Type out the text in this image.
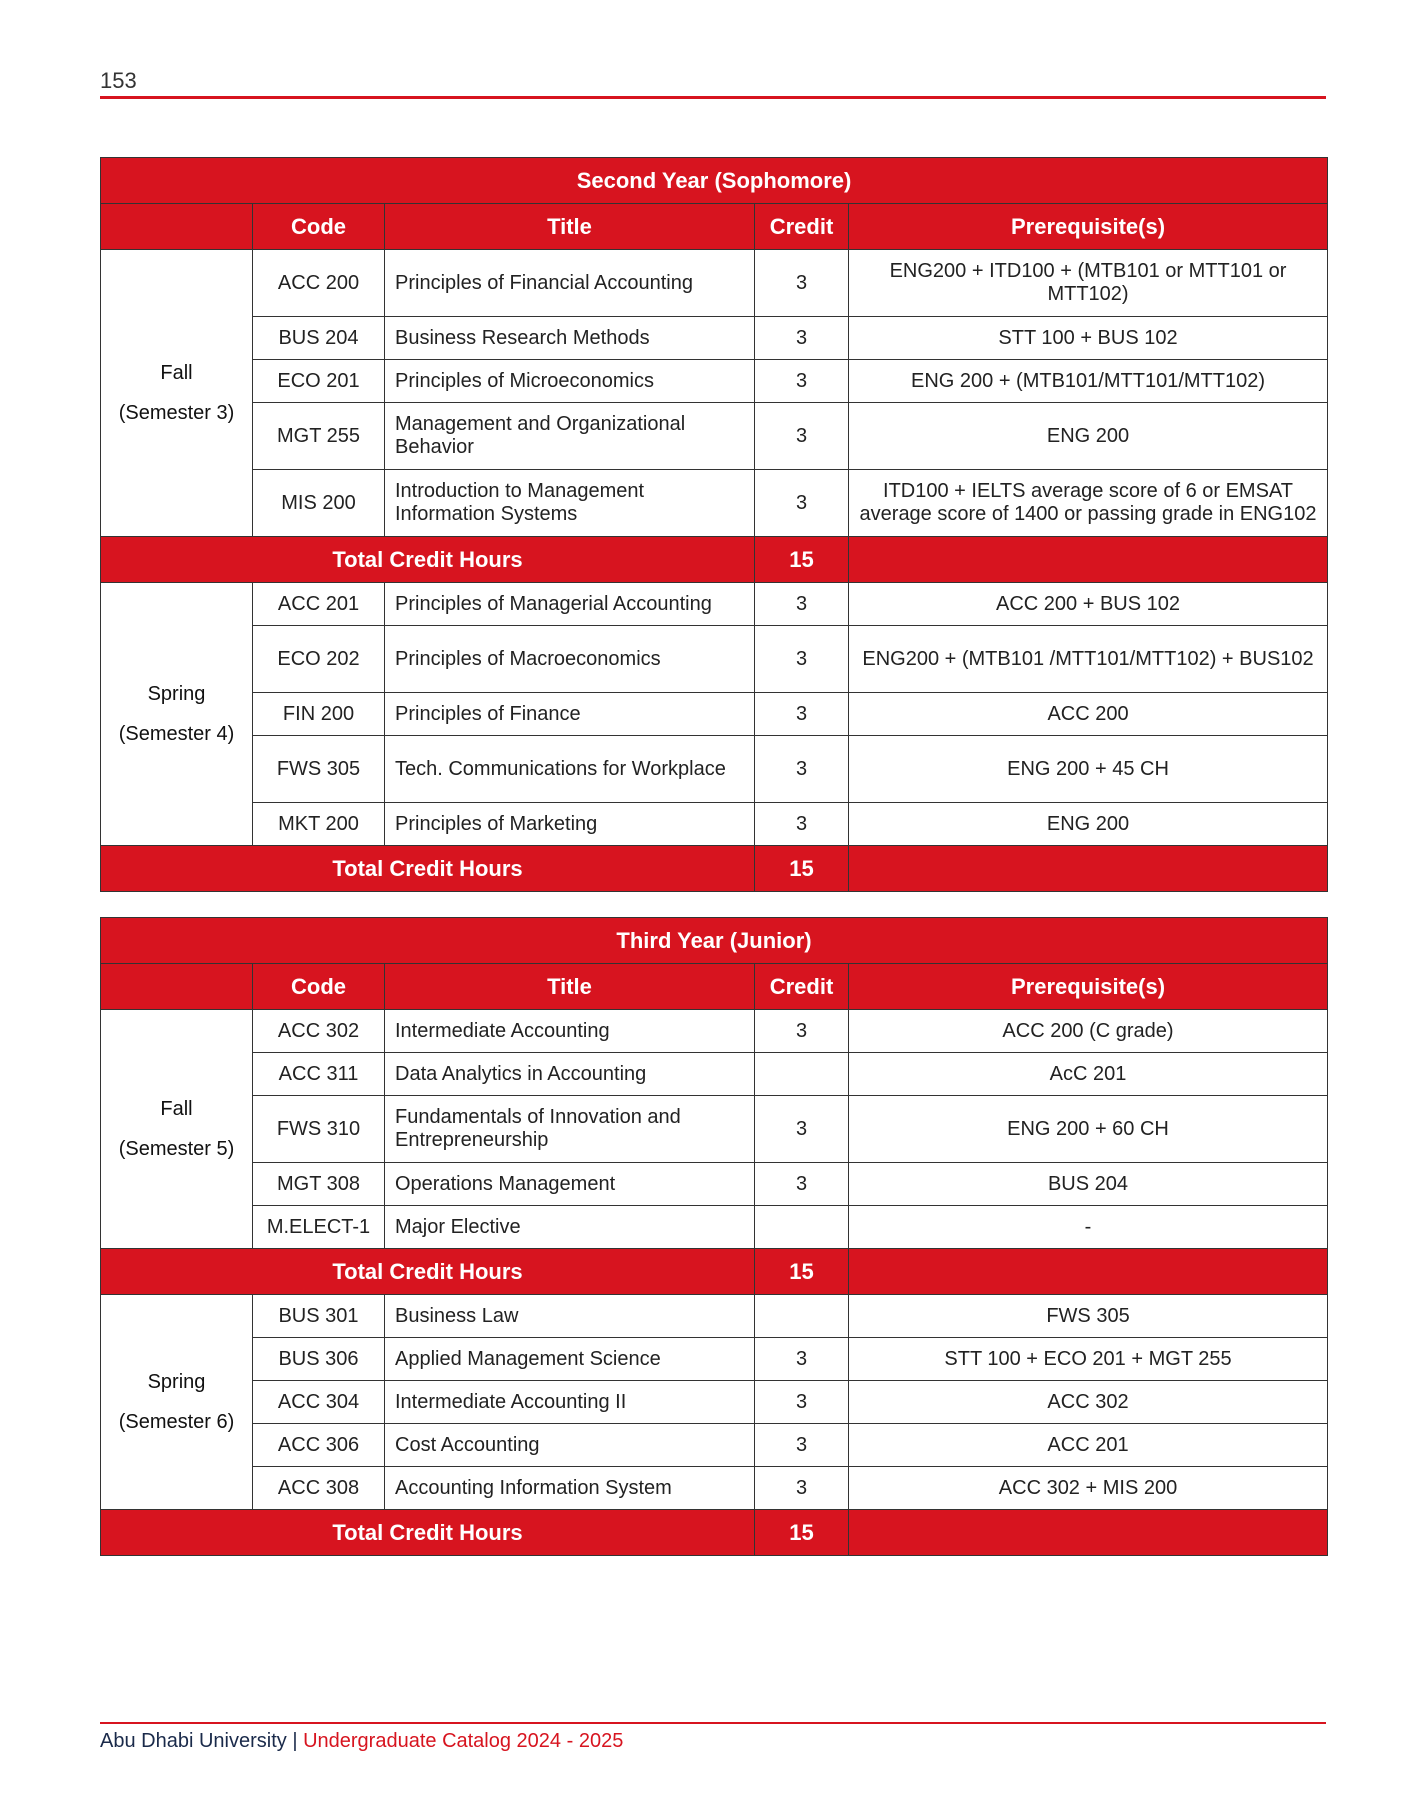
153
Second Year (Sophomore)				
	Code	Title	Credit	Prerequisite(s)

Fall
(Semester 3)	ACC 200	Principles of Financial Accounting	3	ENG200 + ITD100 + (MTB101 or MTT101 or MTT102)
	BUS 204	Business Research Methods	3	STT 100 + BUS 102
	ECO 201	Principles of Microeconomics	3	ENG 200 + (MTB101/MTT101/MTT102)
	MGT 255	Management and Organizational Behavior	3	ENG 200
	MIS 200	Introduction to Management Information Systems	3	ITD100 + IELTS average score of 6 or EMSAT average score of 1400 or passing grade in ENG102
Total Credit Hours			15	

Spring
(Semester 4)	ACC 201	Principles of Managerial Accounting	3	ACC 200 + BUS 102
	ECO 202	Principles of Macroeconomics	3	ENG200 + (MTB101 /MTT101/MTT102) + BUS102
	FIN 200	Principles of Finance	3	ACC 200
	FWS 305	Tech. Communications for Workplace	3	ENG 200 + 45 CH
	MKT 200	Principles of Marketing	3	ENG 200
Total Credit Hours			15	
Third Year (Junior)				
	Code	Title	Credit	Prerequisite(s)

Fall
(Semester 5)	ACC 302	Intermediate Accounting	3	ACC 200 (C grade)
	ACC 311	Data Analytics in Accounting		AcC 201
	FWS 310	Fundamentals of Innovation and Entrepreneurship	3	ENG 200 + 60 CH
	MGT 308	Operations Management	3	BUS 204
	M.ELECT-1	Major Elective		-
Total Credit Hours			15	

Spring
(Semester 6)	BUS 301	Business Law		FWS 305
	BUS 306	Applied Management Science	3	STT 100 + ECO 201 + MGT 255
	ACC 304	Intermediate Accounting II	3	ACC 302
	ACC 306	Cost Accounting	3	ACC 201
	ACC 308	Accounting Information System	3	ACC 302 + MIS 200
Total Credit Hours			15	
Abu Dhabi University | Undergraduate Catalog 2024 - 2025
